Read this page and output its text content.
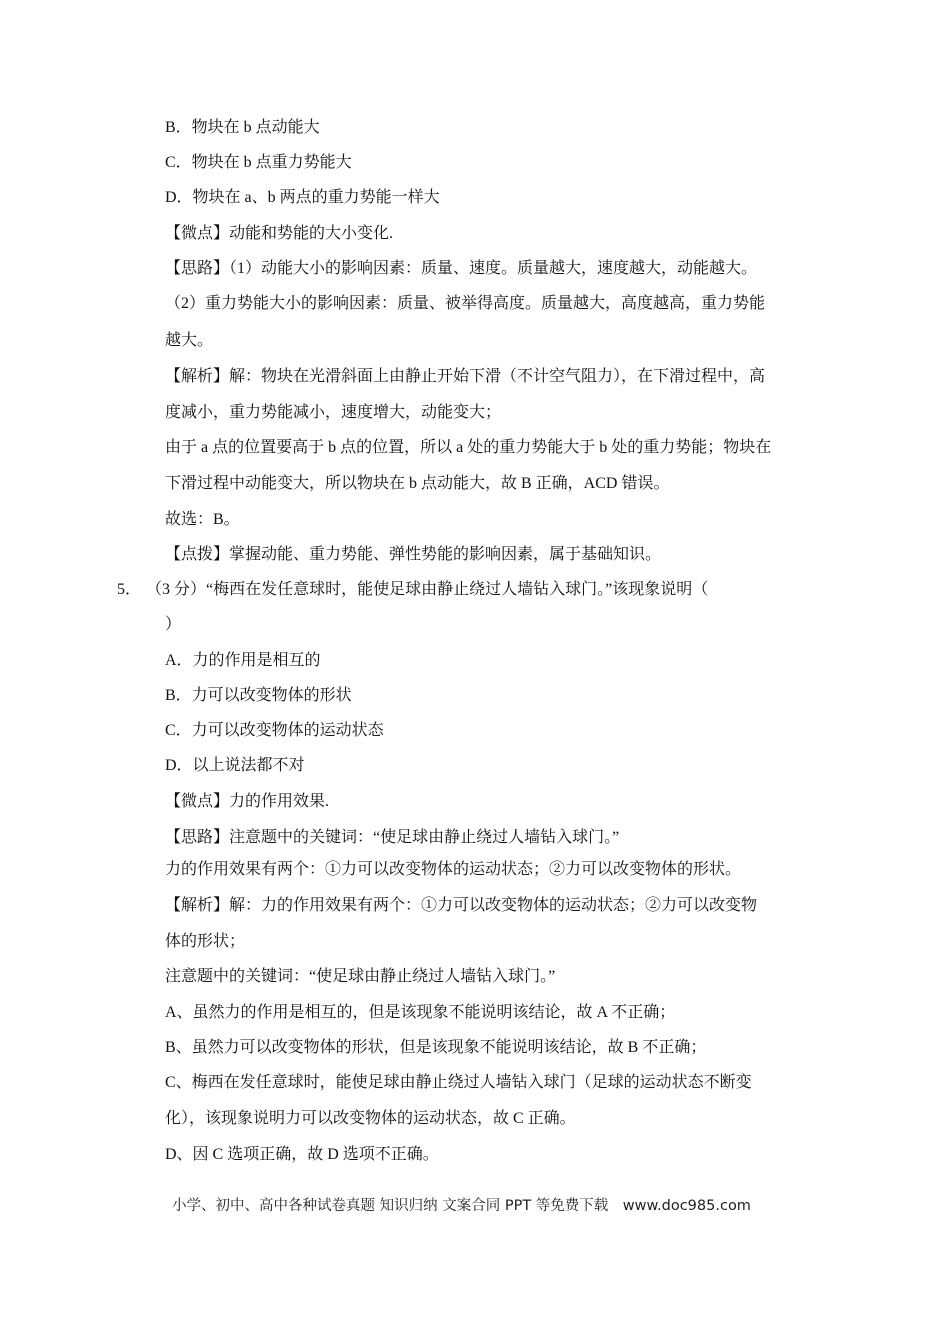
B．物块在 b 点动能大
C．物块在 b 点重力势能大
D．物块在 a、b 两点的重力势能一样大
【微点】动能和势能的大小变化.
【思路】（1）动能大小的影响因素：质量、速度。质量越大，速度越大，动能越大。
（2）重力势能大小的影响因素：质量、被举得高度。质量越大，高度越高，重力势能
越大。
【解析】解：物块在光滑斜面上由静止开始下滑（不计空气阻力），在下滑过程中，高
度减小，重力势能减小，速度增大，动能变大；
由于 a 点的位置要高于 b 点的位置，所以 a 处的重力势能大于 b 处的重力势能；物块在
下滑过程中动能变大，所以物块在 b 点动能大，故 B 正确，ACD 错误。
故选：B。
【点拨】掌握动能、重力势能、弹性势能的影响因素，属于基础知识。
5． （3 分）“梅西在发任意球时，能使足球由静止绕过人墙钻入球门。”该现象说明（
）
A．力的作用是相互的
B．力可以改变物体的形状
C．力可以改变物体的运动状态
D．以上说法都不对
【微点】力的作用效果.
【思路】注意题中的关键词：“使足球由静止绕过人墙钻入球门。”
力的作用效果有两个：①力可以改变物体的运动状态；②力可以改变物体的形状。
【解析】解：力的作用效果有两个：①力可以改变物体的运动状态；②力可以改变物
体的形状；
注意题中的关键词：“使足球由静止绕过人墙钻入球门。”
A、虽然力的作用是相互的，但是该现象不能说明该结论，故 A 不正确；
B、虽然力可以改变物体的形状，但是该现象不能说明该结论，故 B 不正确；
C、梅西在发任意球时，能使足球由静止绕过人墙钻入球门（足球的运动状态不断变
化），该现象说明力可以改变物体的运动状态，故 C 正确。
D、因 C 选项正确，故 D 选项不正确。
小学、初中、高中各种试卷真题 知识归纳 文案合同 PPT 等免费下载　www.doc985.com
